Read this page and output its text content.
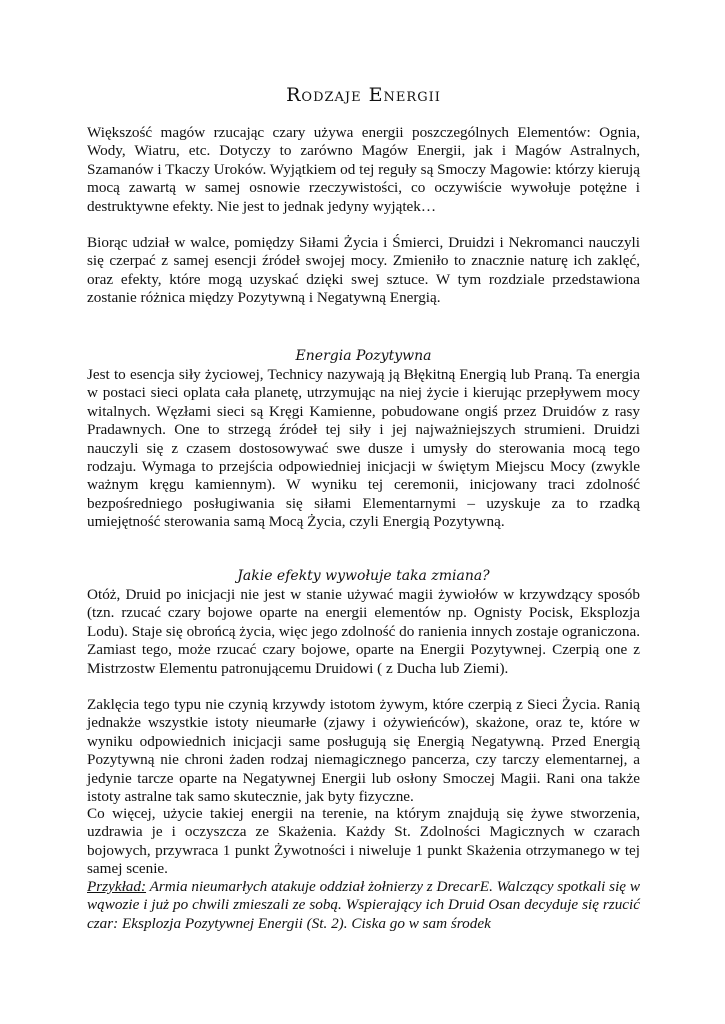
Rodzaje Energii

Większość magów rzucając czary używa energii poszczególnych Elementów: Ognia, Wody, Wiatru, etc. Dotyczy to zarówno Magów Energii, jak i Magów Astralnych, Szamanów i Tkaczy Uroków. Wyjątkiem od tej reguły są Smoczy Magowie: którzy kierują mocą zawartą w samej osnowie rzeczywistości, co oczywiście wywołuje potężne i destruktywne efekty. Nie jest to jednak jedyny wyjątek…

Biorąc udział w walce, pomiędzy Siłami Życia i Śmierci, Druidzi i Nekromanci nauczyli się czerpać z samej esencji źródeł swojej mocy. Zmieniło to znacznie naturę ich zaklęć, oraz efekty, które mogą uzyskać dzięki swej sztuce. W tym rozdziale przedstawiona zostanie różnica między Pozytywną i Negatywną Energią.

Energia Pozytywna

Jest to esencja siły życiowej, Technicy nazywają ją Błękitną Energią lub Praną. Ta energia w postaci sieci oplata cała planetę, utrzymując na niej życie i kierując przepływem mocy witalnych. Węzłami sieci są Kręgi Kamienne, pobudowane ongiś przez Druidów z rasy Pradawnych. One to strzegą źródeł tej siły i jej najważniejszych strumieni. Druidzi nauczyli się z czasem dostosowywać swe dusze i umysły do sterowania mocą tego rodzaju. Wymaga to przejścia odpowiedniej inicjacji w świętym Miejscu Mocy (zwykle ważnym kręgu kamiennym). W wyniku tej ceremonii, inicjowany traci zdolność bezpośredniego posługiwania się siłami Elementarnymi – uzyskuje za to rzadką umiejętność sterowania samą Mocą Życia, czyli Energią Pozytywną.

Jakie efekty wywołuje taka zmiana?

Otóż, Druid po inicjacji nie jest w stanie używać magii żywiołów w krzywdzący sposób (tzn. rzucać czary bojowe oparte na energii elementów np. Ognisty Pocisk, Eksplozja Lodu). Staje się obrońcą życia, więc jego zdolność do ranienia innych zostaje ograniczona. Zamiast tego, może rzucać czary bojowe, oparte na Energii Pozytywnej. Czerpią one z Mistrzostw Elementu patronującemu Druidowi ( z Ducha lub Ziemi).

Zaklęcia tego typu nie czynią krzywdy istotom żywym, które czerpią z Sieci Życia. Ranią jednakże wszystkie istoty nieumarłe (zjawy i ożywieńców), skażone, oraz te, które w wyniku odpowiednich inicjacji same posługują się Energią Negatywną. Przed Energią Pozytywną nie chroni żaden rodzaj niemagicznego pancerza, czy tarczy elementarnej, a jedynie tarcze oparte na Negatywnej Energii lub osłony Smoczej Magii. Rani ona także istoty astralne tak samo skutecznie, jak byty fizyczne.

Co więcej, użycie takiej energii na terenie, na którym znajdują się żywe stworzenia, uzdrawia je i oczyszcza ze Skażenia. Każdy St. Zdolności Magicznych w czarach bojowych, przywraca 1 punkt Żywotności i niweluje 1 punkt Skażenia otrzymanego w tej samej scenie.

Przykład: Armia nieumarłych atakuje oddział żołnierzy z DrecarE. Walczący spotkali się w wąwozie i już po chwili zmieszali ze sobą. Wspierający ich Druid Osan decyduje się rzucić czar: Eksplozja Pozytywnej Energii (St. 2). Ciska go w sam środek
